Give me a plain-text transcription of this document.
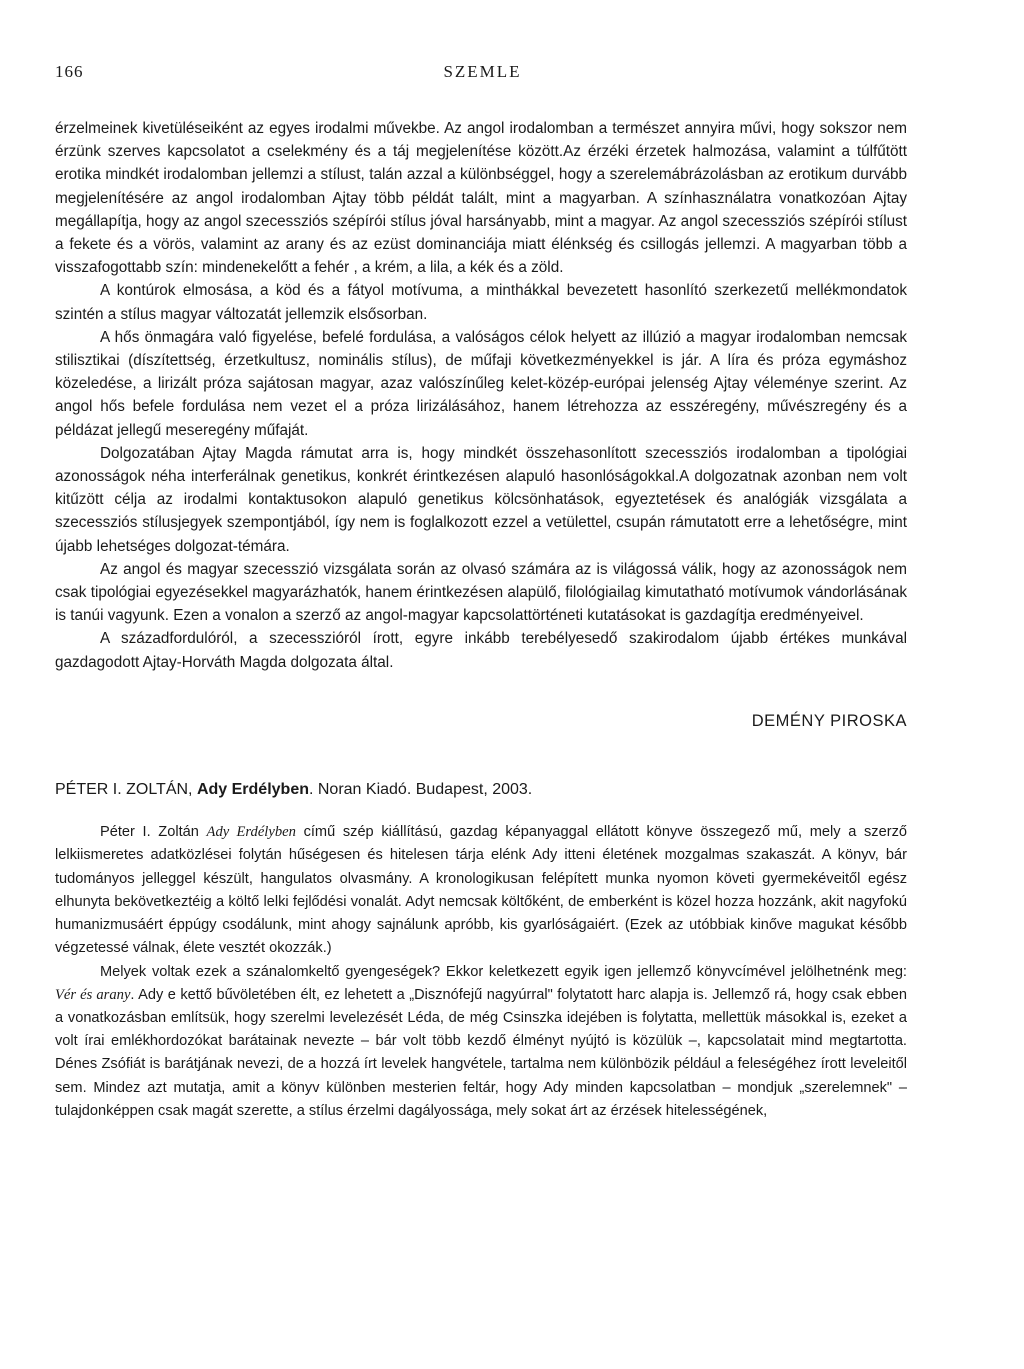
166	SZEMLE

érzelmeinek kivetüléseiként az egyes irodalmi művekbe. Az angol irodalomban a természet annyira művi, hogy sokszor nem érzünk szerves kapcsolatot a cselekmény és a táj megjelenítése között.Az érzéki érzetek halmozása, valamint a túlfűtött erotika mindkét irodalomban jellemzi a stílust, talán azzal a különbséggel, hogy a szerelemábrázolásban az erotikum durvább megjelenítésére az angol irodalomban Ajtay több példát talált, mint a magyarban. A színhasználatra vonatkozóan Ajtay megállapítja, hogy az angol szecessziós szépírói stílus jóval harsányabb, mint a magyar. Az angol szecessziós szépírói stílust a fekete és a vörös, valamint az arany és az ezüst dominanciája miatt élénkség és csillogás jellemzi. A magyarban több a visszafogottabb szín: mindenekelőtt a fehér , a krém, a lila, a kék és a zöld.

A kontúrok elmosása, a köd és a fátyol motívuma, a minthákkal bevezetett hasonlító szerkezetű mellékmondatok szintén a stílus magyar változatát jellemzik elsősorban.

A hős önmagára való figyelése, befelé fordulása, a valóságos célok helyett az illúzió a magyar irodalomban nemcsak stilisztikai (díszítettség, érzetkultusz, nominális stílus), de műfaji következményekkel is jár. A líra és próza egymáshoz közeledése, a lirizált próza sajátosan magyar, azaz valószínűleg kelet-közép-európai jelenség Ajtay véleménye szerint. Az angol hős befele fordulása nem vezet el a próza lirizálásához, hanem létrehozza az esszéregény, művészregény és a példázat jellegű meseregény műfaját.

Dolgozatában Ajtay Magda rámutat arra is, hogy mindkét összehasonlított szecessziós irodalomban a tipológiai azonosságok néha interferálnak genetikus, konkrét érintkezésen alapuló hasonlóságokkal.A dolgozatnak azonban nem volt kitűzött célja az irodalmi kontaktusokon alapuló genetikus kölcsönhatások, egyeztetések és analógiák vizsgálata a szecessziós stílusjegyek szempontjából, így nem is foglalkozott ezzel a vetülettel, csupán rámutatott erre a lehetőségre, mint újabb lehetséges dolgozat-témára.

Az angol és magyar szecesszió vizsgálata során az olvasó számára az is világossá válik, hogy az azonosságok nem csak tipológiai egyezésekkel magyarázhatók, hanem érintkezésen alapülő, filológiailag kimutatható motívumok vándorlásának is tanúi vagyunk. Ezen a vonalon a szerző az angol-magyar kapcsolattörténeti kutatásokat is gazdagítja eredményeivel.

A századfordulóról, a szecesszióról írott, egyre inkább terebélyesedő szakirodalom újabb értékes munkával gazdagodott Ajtay-Horváth Magda dolgozata által.

DEMÉNY PIROSKA
PÉTER I. ZOLTÁN, Ady Erdélyben. Noran Kiadó. Budapest, 2003.

Péter I. Zoltán Ady Erdélyben című szép kiállítású, gazdag képanyaggal ellátott könyve összegező mű, mely a szerző lelkiismeretes adatközlései folytán hűségesen és hitelesen tárja elénk Ady itteni életének mozgalmas szakaszát. A könyv, bár tudományos jelleggel készült, hangulatos olvasmány. A kronologikusan felépített munka nyomon követi gyermekéveitől egész elhunyta bekövetkeztéig a költő lelki fejlődési vonalát. Adyt nemcsak költőként, de emberként is közel hozza hozzánk, akit nagyfokú humanizmusáért éppúgy csodálunk, mint ahogy sajnálunk apróbb, kis gyarlóságaiért. (Ezek az utóbbiak kinőve magukat később végzetessé válnak, élete vesztét okozzák.)

Melyek voltak ezek a szánalomkeltő gyengeségek? Ekkor keletkezett egyik igen jellemző könyvcímével jelölhetnénk meg: Vér és arany. Ady e kettő bűvöletében élt, ez lehetett a „Disznófejű nagyúrral" folytatott harc alapja is. Jellemző rá, hogy csak ebben a vonatkozásban említsük, hogy szerelmi levelezését Lédа, de még Csinszka idejében is folytatta, mellettük másokkal is, ezeket a volt írai emlékhordozókat barátainak nevezte – bár volt több kezdő élményt nyújtó is közülük –, kapcsolatait mind megtartotta. Dénes Zsófiát is barátjának nevezi, de a hozzá írt levelek hangvétele, tartalma nem különbözik például a feleségéhez írott leveleitől sem. Mindez azt mutatja, amit a könyv különben mesterien feltár, hogy Ady minden kapcsolatban – mondjuk „szerelemnek" – tulajdonképpen csak magát szerette, a stílus érzelmi dagályossága, mely sokat árt az érzések hitelességének,
